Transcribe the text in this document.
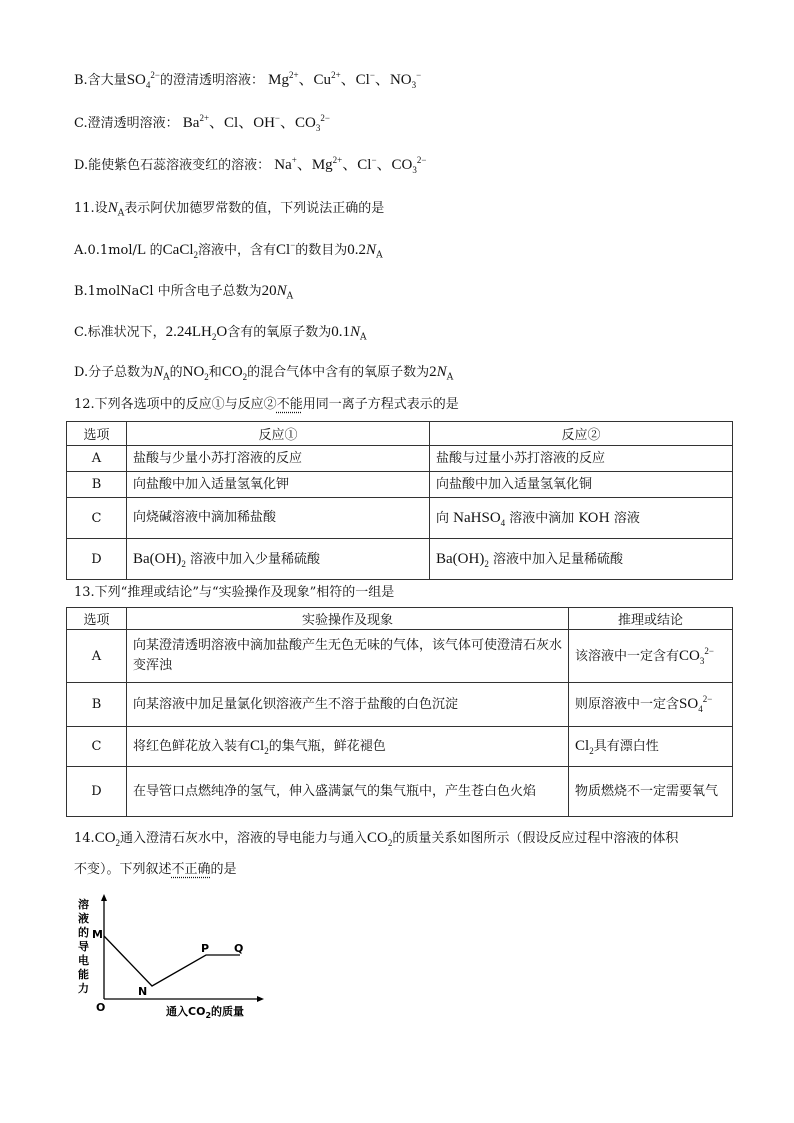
B.含大量$SO_4^{2-}$的澄清透明溶液： $Mg^{2+}$、$Cu^{2+}$、Cl−、$NO_3^-$
C.澄清透明溶液： $Ba^{2+}$、Cl、OH−、$CO_3^{2-}$
D.能使紫色石蕊溶液变红的溶液： Na+、$Mg^{2+}$、Cl−、$CO_3^{2-}$
11.设$N_A$表示阿伏加德罗常数的值，下列说法正确的是
A.0.1mol/L 的CaCl$_2$溶液中，含有Cl−的数目为$0.2N_A$
B.1molNaCl 中所含电子总数为$20N_A$
C.标准状况下，$2.24LH_2O$含有的氧原子数为$0.1N_A$
D.分子总数为$N_A$的$NO_2$和$CO_2$的混合气体中含有的氧原子数为$2N_A$
12.下列各选项中的反应①与反应②不能用同一离子方程式表示的是
选项	反应①	反应②
A	盐酸与少量小苏打溶液的反应	盐酸与过量小苏打溶液的反应
B	向盐酸中加入适量氢氧化钾	向盐酸中加入适量氢氧化铜
C	向烧碱溶液中滴加稀盐酸	向 NaHSO$_4$ 溶液中滴加 KOH 溶液
D	$Ba(OH)_2$ 溶液中加入少量稀硫酸	$Ba(OH)_2$ 溶液中加入足量稀硫酸
13.下列“推理或结论”与“实验操作及现象”相符的一组是
选项	实验操作及现象	推理或结论
A	向某澄清透明溶液中滴加盐酸产生无色无味的气体，该气体可使澄清石灰水变浑浊	该溶液中一定含有$CO_3^{2-}$
B	向某溶液中加足量氯化钡溶液产生不溶于盐酸的白色沉淀	则原溶液中一定含$SO_4^{2-}$
C	将红色鲜花放入装有$Cl_2$的集气瓶，鲜花褪色	$Cl_2$具有漂白性
D	在导管口点燃纯净的氢气，伸入盛满氯气的集气瓶中，产生苍白色火焰	物质燃烧不一定需要氧气
$14.CO_2$通入澄清石灰水中，溶液的导电能力与通入$CO_2$的质量关系如图所示（假设反应过程中溶液的体积
不变）。下列叙述不正确的是
溶
液
的
导
电
能
力
M
N
P Q
O	通入$CO_2$的质量
